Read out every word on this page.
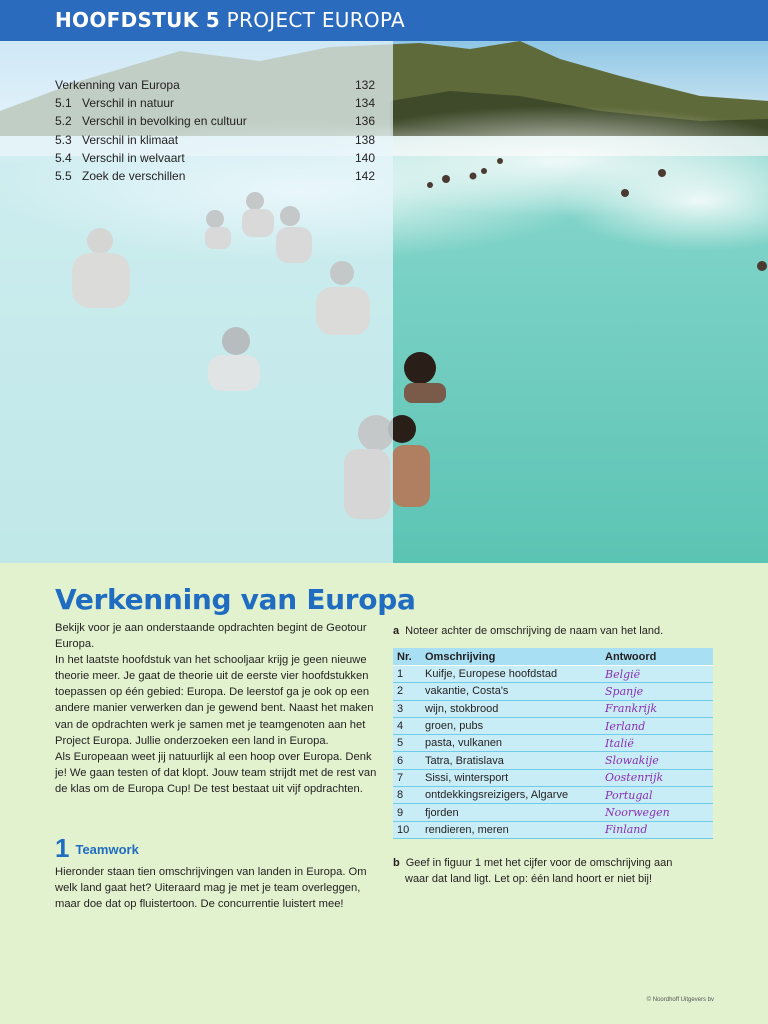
HOOFDSTUK 5 PROJECT EUROPA
Verkenning van Europa	132
5.1 Verschil in natuur	134
5.2 Verschil in bevolking en cultuur	136
5.3 Verschil in klimaat	138
5.4 Verschil in welvaart	140
5.5 Zoek de verschillen	142
Verkenning van Europa

Bekijk voor je aan onderstaande opdrachten begint de Geotour Europa.

In het laatste hoofdstuk van het schooljaar krijg je geen nieuwe theorie meer. Je gaat de theorie uit de eerste vier hoofdstukken toepassen op één gebied: Europa. De leerstof ga je ook op een andere manier verwerken dan je gewend bent. Naast het maken van de opdrachten werk je samen met je teamgenoten aan het Project Europa. Jullie onderzoeken een land in Europa.

Als Europeaan weet jij natuurlijk al een hoop over Europa. Denk je! We gaan testen of dat klopt. Jouw team strijdt met de rest van de klas om de Europa Cup! De test bestaat uit vijf opdrachten.

1 Teamwork
Hieronder staan tien omschrijvingen van landen in Europa. Om welk land gaat het? Uiteraard mag je met je team overleggen, maar doe dat op fluistertoon. De concurrentie luistert mee!
a Noteer achter de omschrijving de naam van het land.
Nr.	Omschrijving	Antwoord
1	Kuifje, Europese hoofdstad	België
2	vakantie, Costa's	Spanje
3	wijn, stokbrood	Frankrijk
4	groen, pubs	Ierland
5	pasta, vulkanen	Italië
6	Tatra, Bratislava	Slowakije
7	Sissi, wintersport	Oostenrijk
8	ontdekkingsreizigers, Algarve	Portugal
9	fjorden	Noorwegen
10	rendieren, meren	Finland
b Geef in figuur 1 met het cijfer voor de omschrijving aan
waar dat land ligt. Let op: één land hoort er niet bij!
© Noordhoff Uitgevers bv
